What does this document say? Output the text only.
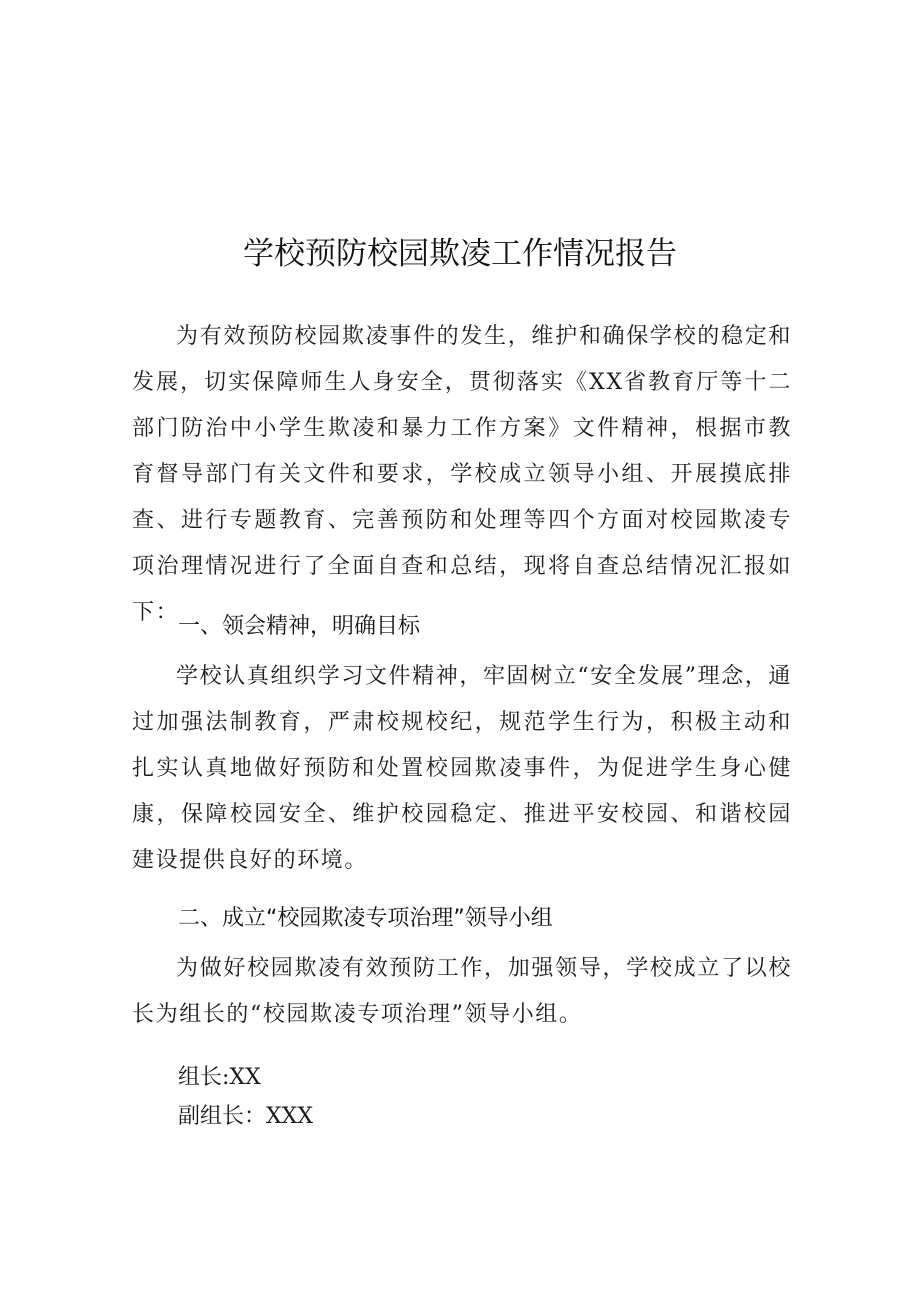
学校预防校园欺凌工作情况报告

为有效预防校园欺凌事件的发生，维护和确保学校的稳定和发展，切实保障师生人身安全，贯彻落实《XX省教育厅等十二部门防治中小学生欺凌和暴力工作方案》文件精神，根据市教育督导部门有关文件和要求，学校成立领导小组、开展摸底排查、进行专题教育、完善预防和处理等四个方面对校园欺凌专项治理情况进行了全面自查和总结，现将自查总结情况汇报如下：

一、领会精神，明确目标

学校认真组织学习文件精神，牢固树立“安全发展”理念，通过加强法制教育，严肃校规校纪，规范学生行为，积极主动和扎实认真地做好预防和处置校园欺凌事件，为促进学生身心健康，保障校园安全、维护校园稳定、推进平安校园、和谐校园建设提供良好的环境。

二、成立“校园欺凌专项治理”领导小组

为做好校园欺凌有效预防工作，加强领导，学校成立了以校长为组长的“校园欺凌专项治理”领导小组。

组长:XX

副组长：XXX
